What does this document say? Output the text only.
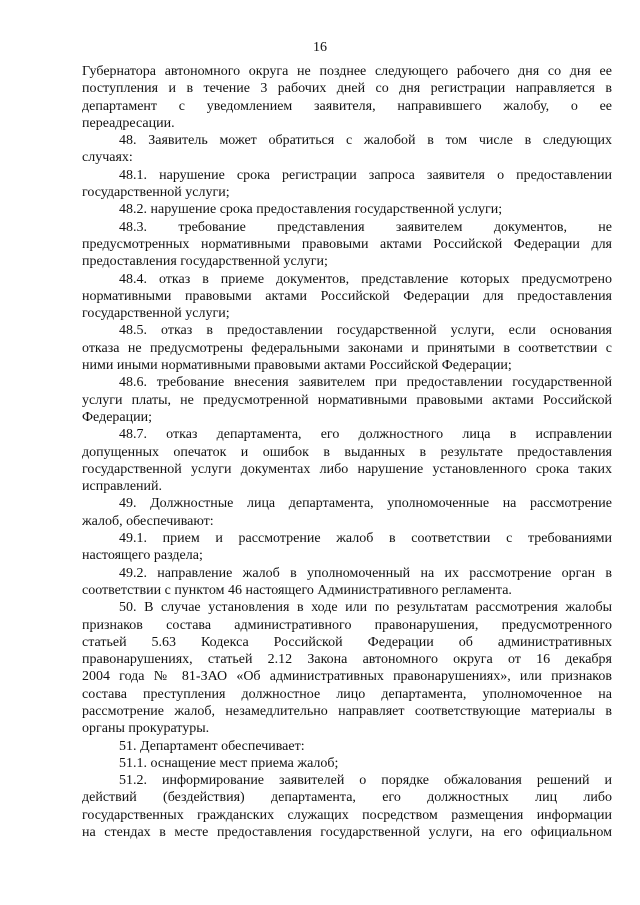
16
Губернатора автономного округа не позднее следующего рабочего дня со дня ее
поступления и в течение 3 рабочих дней со дня регистрации направляется в
департамент с уведомлением заявителя, направившего жалобу, о ее
переадресации.
48. Заявитель может обратиться с жалобой в том числе в следующих
случаях:
48.1. нарушение срока регистрации запроса заявителя о предоставлении
государственной услуги;
48.2. нарушение срока предоставления государственной услуги;
48.3. требование представления заявителем документов, не
предусмотренных нормативными правовыми актами Российской Федерации для
предоставления государственной услуги;
48.4. отказ в приеме документов, представление которых предусмотрено
нормативными правовыми актами Российской Федерации для предоставления
государственной услуги;
48.5. отказ в предоставлении государственной услуги, если основания
отказа не предусмотрены федеральными законами и принятыми в соответствии с
ними иными нормативными правовыми актами Российской Федерации;
48.6. требование внесения заявителем при предоставлении государственной
услуги платы, не предусмотренной нормативными правовыми актами Российской
Федерации;
48.7. отказ департамента, его должностного лица в исправлении
допущенных опечаток и ошибок в выданных в результате предоставления
государственной услуги документах либо нарушение установленного срока таких
исправлений.
49. Должностные лица департамента, уполномоченные на рассмотрение
жалоб, обеспечивают:
49.1. прием и рассмотрение жалоб в соответствии с требованиями
настоящего раздела;
49.2. направление жалоб в уполномоченный на их рассмотрение орган в
соответствии с пунктом 46 настоящего Административного регламента.
50. В случае установления в ходе или по результатам рассмотрения жалобы
признаков состава административного правонарушения, предусмотренного
статьей 5.63 Кодекса Российской Федерации об административных
правонарушениях, статьей 2.12 Закона автономного округа от 16 декабря
2004 года № 81-ЗАО «Об административных правонарушениях», или признаков
состава преступления должностное лицо департамента, уполномоченное на
рассмотрение жалоб, незамедлительно направляет соответствующие материалы в
органы прокуратуры.
51. Департамент обеспечивает:
51.1. оснащение мест приема жалоб;
51.2. информирование заявителей о порядке обжалования решений и
действий (бездействия) департамента, его должностных лиц либо
государственных гражданских служащих посредством размещения информации
на стендах в месте предоставления государственной услуги, на его официальном
